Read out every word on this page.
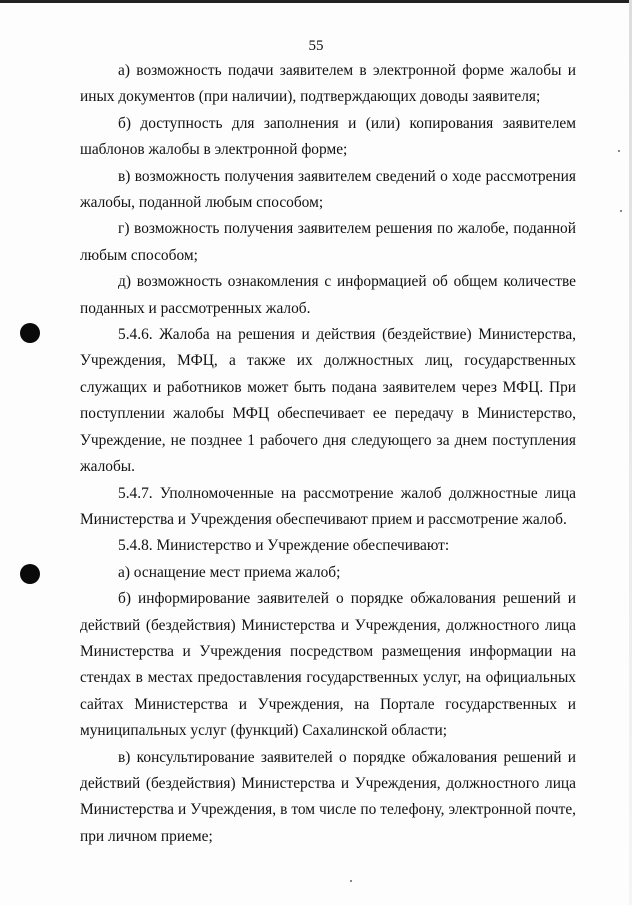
55

а) возможность подачи заявителем в электронной форме жалобы и иных документов (при наличии), подтверждающих доводы заявителя;

б) доступность для заполнения и (или) копирования заявителем шаблонов жалобы в электронной форме;

в) возможность получения заявителем сведений о ходе рассмотрения жалобы, поданной любым способом;

г) возможность получения заявителем решения по жалобе, поданной любым способом;

д) возможность ознакомления с информацией об общем количестве поданных и рассмотренных жалоб.

5.4.6. Жалоба на решения и действия (бездействие) Министерства, Учреждения, МФЦ, а также их должностных лиц, государственных служащих и работников может быть подана заявителем через МФЦ. При поступлении жалобы МФЦ обеспечивает ее передачу в Министерство, Учреждение, не позднее 1 рабочего дня следующего за днем поступления жалобы.

5.4.7. Уполномоченные на рассмотрение жалоб должностные лица Министерства и Учреждения обеспечивают прием и рассмотрение жалоб.

5.4.8. Министерство и Учреждение обеспечивают:

а) оснащение мест приема жалоб;

б) информирование заявителей о порядке обжалования решений и действий (бездействия) Министерства и Учреждения, должностного лица Министерства и Учреждения посредством размещения информации на стендах в местах предоставления государственных услуг, на официальных сайтах Министерства и Учреждения, на Портале государственных и муниципальных услуг (функций) Сахалинской области;

в) консультирование заявителей о порядке обжалования решений и действий (бездействия) Министерства и Учреждения, должностного лица Министерства и Учреждения, в том числе по телефону, электронной почте, при личном приеме;
